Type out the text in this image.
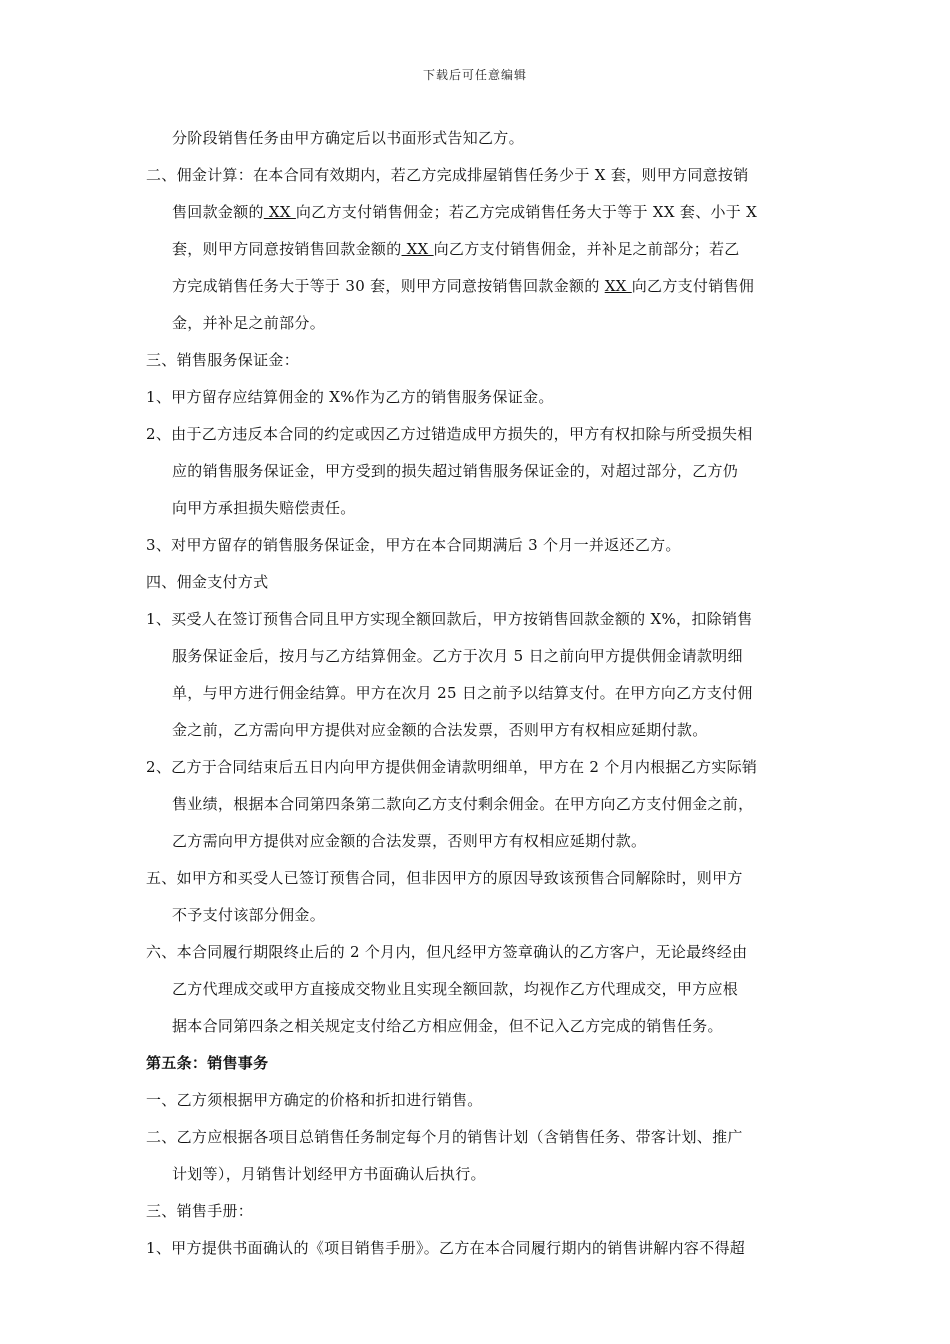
下载后可任意编辑
分阶段销售任务由甲方确定后以书面形式告知乙方。
二、佣金计算：在本合同有效期内，若乙方完成排屋销售任务少于 X 套，则甲方同意按销
售回款金额的 XX 向乙方支付销售佣金；若乙方完成销售任务大于等于 XX 套、小于 X
套，则甲方同意按销售回款金额的 XX 向乙方支付销售佣金，并补足之前部分；若乙
方完成销售任务大于等于 30 套，则甲方同意按销售回款金额的 XX 向乙方支付销售佣
金，并补足之前部分。
三、销售服务保证金：
1、甲方留存应结算佣金的 X%作为乙方的销售服务保证金。
2、由于乙方违反本合同的约定或因乙方过错造成甲方损失的，甲方有权扣除与所受损失相
应的销售服务保证金，甲方受到的损失超过销售服务保证金的，对超过部分，乙方仍
向甲方承担损失赔偿责任。
3、对甲方留存的销售服务保证金，甲方在本合同期满后 3 个月一并返还乙方。
四、佣金支付方式
1、买受人在签订预售合同且甲方实现全额回款后，甲方按销售回款金额的 X%，扣除销售
服务保证金后，按月与乙方结算佣金。乙方于次月 5 日之前向甲方提供佣金请款明细
单，与甲方进行佣金结算。甲方在次月 25 日之前予以结算支付。在甲方向乙方支付佣
金之前，乙方需向甲方提供对应金额的合法发票，否则甲方有权相应延期付款。
2、乙方于合同结束后五日内向甲方提供佣金请款明细单，甲方在 2 个月内根据乙方实际销
售业绩，根据本合同第四条第二款向乙方支付剩余佣金。在甲方向乙方支付佣金之前，
乙方需向甲方提供对应金额的合法发票，否则甲方有权相应延期付款。
五、如甲方和买受人已签订预售合同，但非因甲方的原因导致该预售合同解除时，则甲方
不予支付该部分佣金。
六、本合同履行期限终止后的 2 个月内，但凡经甲方签章确认的乙方客户，无论最终经由
乙方代理成交或甲方直接成交物业且实现全额回款，均视作乙方代理成交，甲方应根
据本合同第四条之相关规定支付给乙方相应佣金，但不记入乙方完成的销售任务。
第五条：销售事务
一、乙方须根据甲方确定的价格和折扣进行销售。
二、乙方应根据各项目总销售任务制定每个月的销售计划（含销售任务、带客计划、推广
计划等），月销售计划经甲方书面确认后执行。
三、销售手册：
1、甲方提供书面确认的《项目销售手册》。乙方在本合同履行期内的销售讲解内容不得超
